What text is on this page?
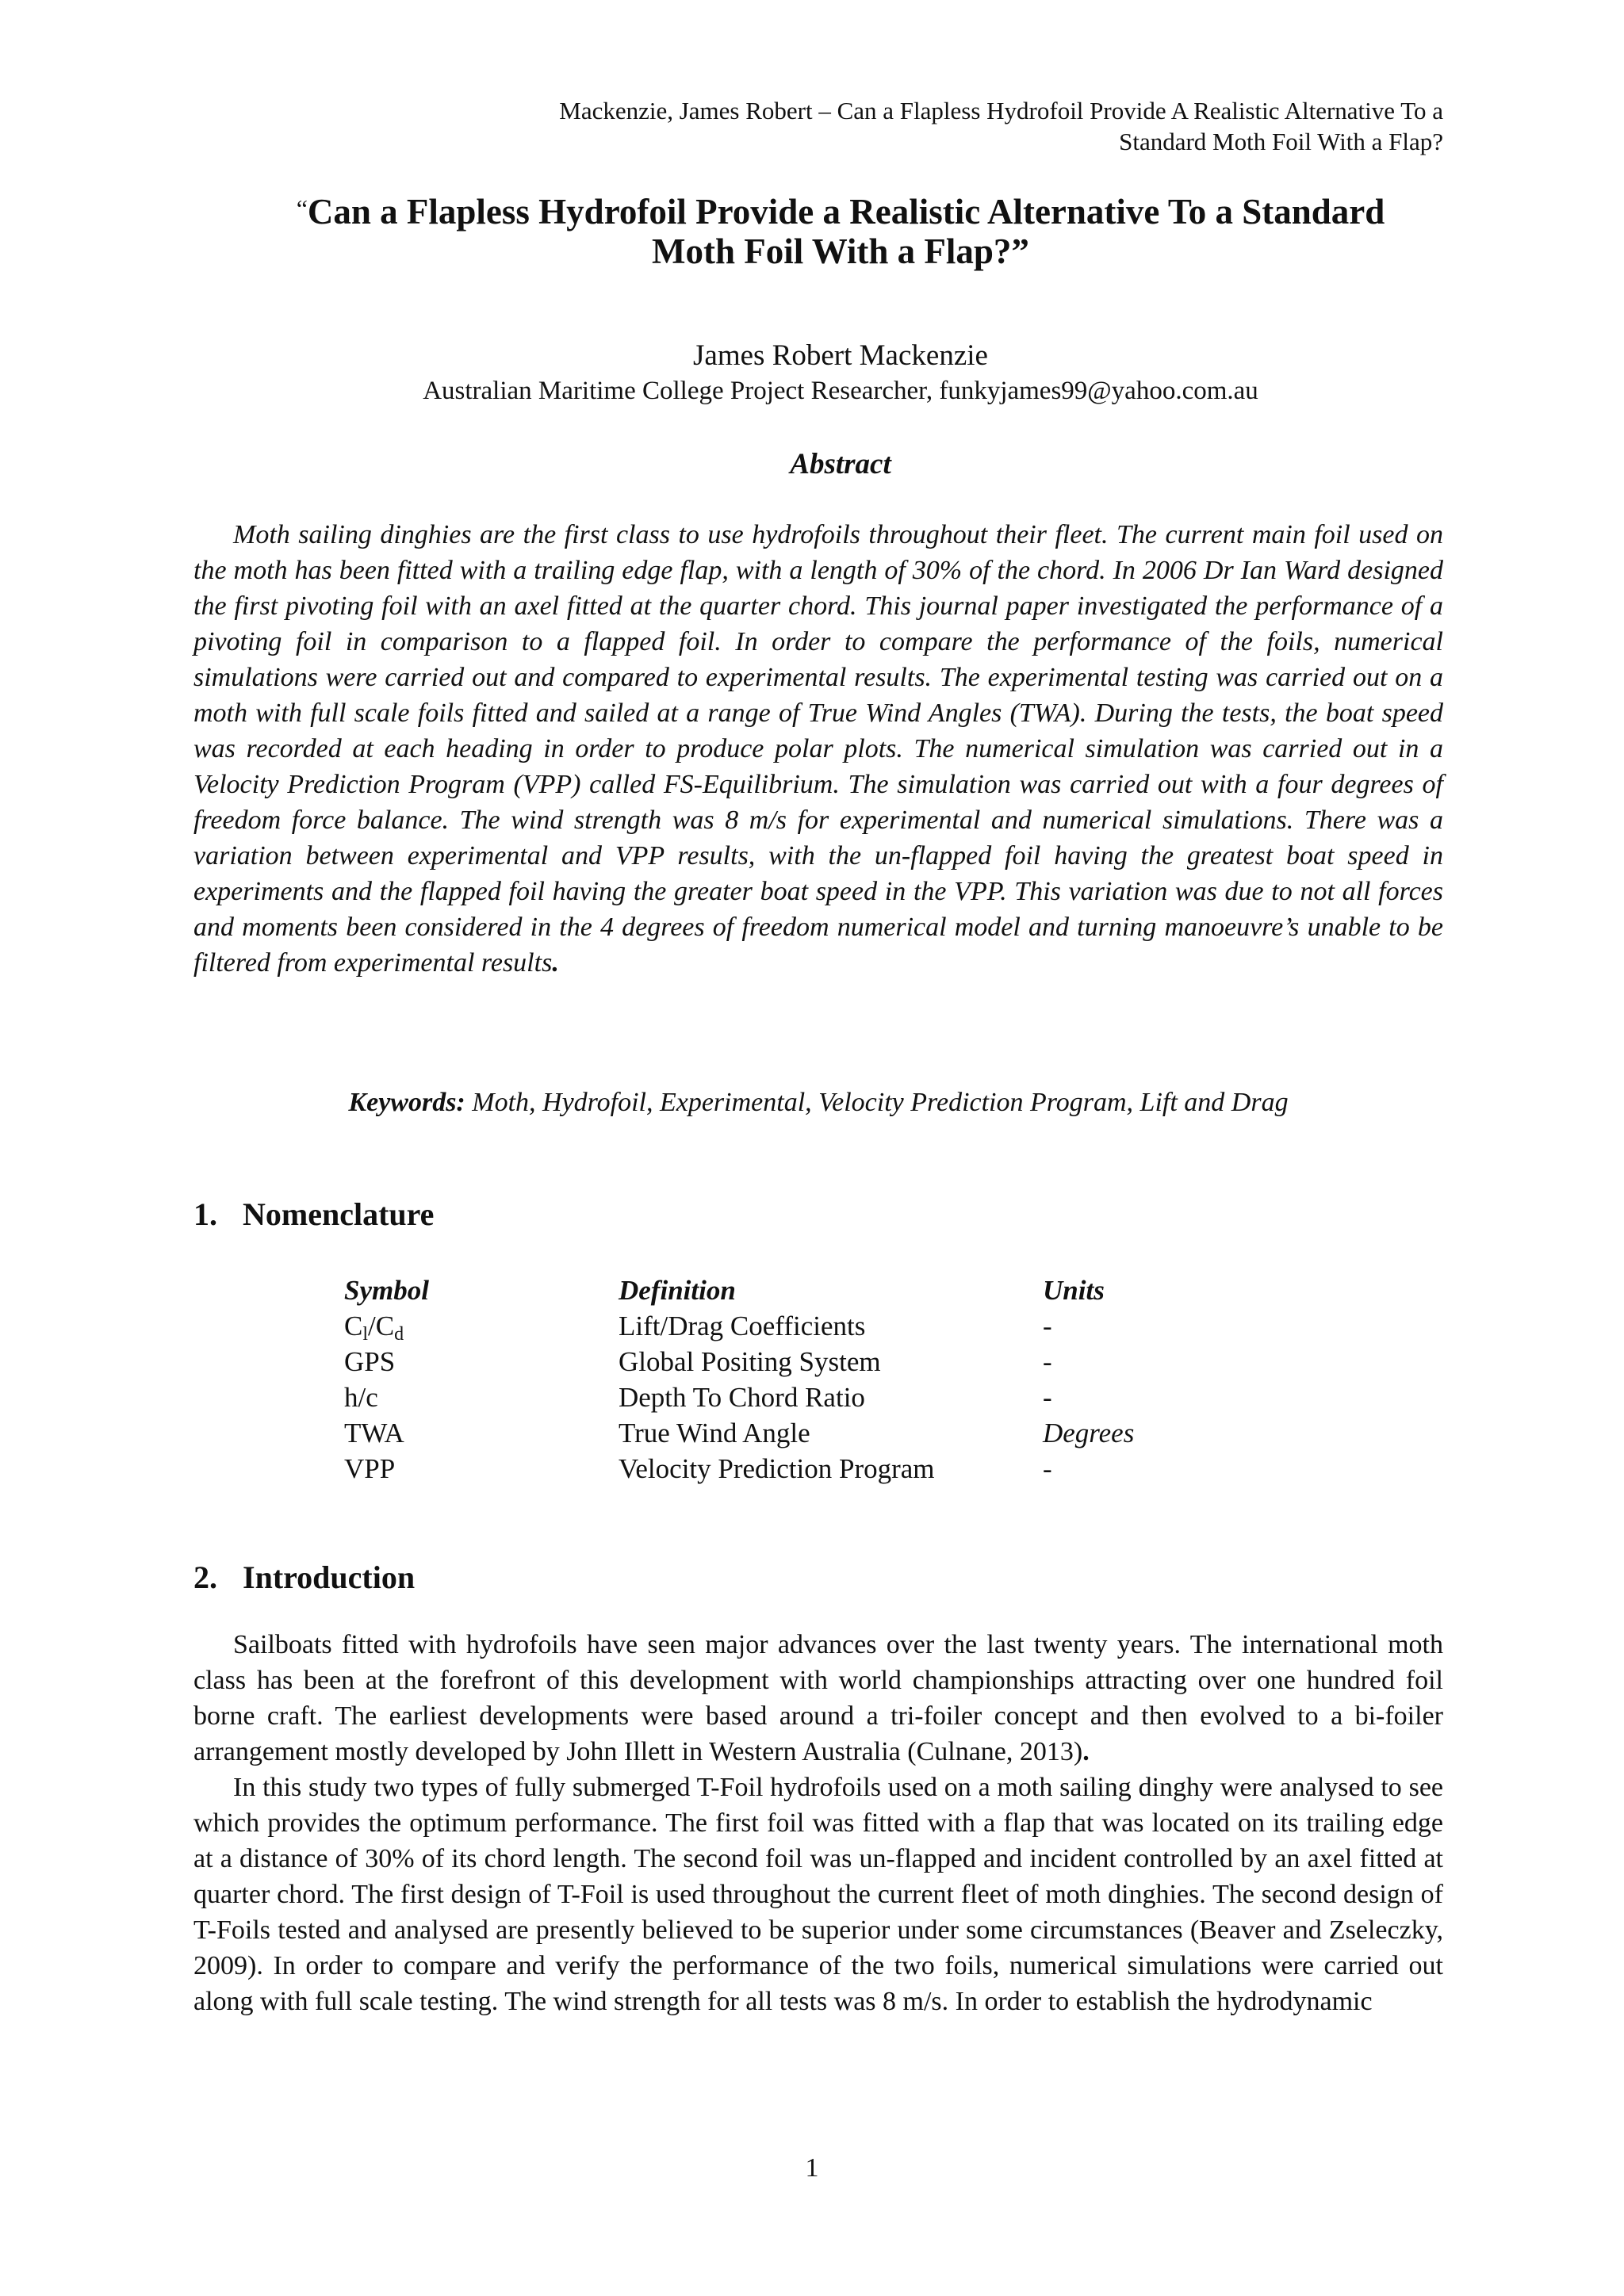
Mackenzie, James Robert – Can a Flapless Hydrofoil Provide A Realistic Alternative To a
Standard Moth Foil With a Flap?
“Can a Flapless Hydrofoil Provide a Realistic Alternative To a Standard
Moth Foil With a Flap?”
James Robert Mackenzie
Australian Maritime College Project Researcher, funkyjames99@yahoo.com.au
Abstract

Moth sailing dinghies are the first class to use hydrofoils throughout their fleet. The current main foil used on the moth has been fitted with a trailing edge flap, with a length of 30% of the chord. In 2006 Dr Ian Ward designed the first pivoting foil with an axel fitted at the quarter chord. This journal paper investigated the performance of a pivoting foil in comparison to a flapped foil. In order to compare the performance of the foils, numerical simulations were carried out and compared to experimental results. The experimental testing was carried out on a moth with full scale foils fitted and sailed at a range of True Wind Angles (TWA). During the tests, the boat speed was recorded at each heading in order to produce polar plots. The numerical simulation was carried out in a Velocity Prediction Program (VPP) called FS-Equilibrium. The simulation was carried out with a four degrees of freedom force balance. The wind strength was 8 m/s for experimental and numerical simulations. There was a variation between experimental and VPP results, with the un-flapped foil having the greatest boat speed in experiments and the flapped foil having the greater boat speed in the VPP. This variation was due to not all forces and moments been considered in the 4 degrees of freedom numerical model and turning manoeuvre’s unable to be filtered from experimental results.

Keywords: Moth, Hydrofoil, Experimental, Velocity Prediction Program, Lift and Drag
1. Nomenclature
Symbol	Definition	Units
$C_l/C_d$	Lift/Drag Coefficients	-
GPS	Global Positing System	-
h/c	Depth To Chord Ratio	-
TWA	True Wind Angle	Degrees
VPP	Velocity Prediction Program	-
2. Introduction

Sailboats fitted with hydrofoils have seen major advances over the last twenty years. The international moth class has been at the forefront of this development with world championships attracting over one hundred foil borne craft. The earliest developments were based around a tri-foiler concept and then evolved to a bi-foiler arrangement mostly developed by John Illett in Western Australia (Culnane, 2013).

In this study two types of fully submerged T-Foil hydrofoils used on a moth sailing dinghy were analysed to see which provides the optimum performance. The first foil was fitted with a flap that was located on its trailing edge at a distance of 30% of its chord length. The second foil was un-flapped and incident controlled by an axel fitted at quarter chord. The first design of T-Foil is used throughout the current fleet of moth dinghies. The second design of T-Foils tested and analysed are presently believed to be superior under some circumstances (Beaver and Zseleczky, 2009). In order to compare and verify the performance of the two foils, numerical simulations were carried out along with full scale testing. The wind strength for all tests was 8 m/s. In order to establish the hydrodynamic

1
